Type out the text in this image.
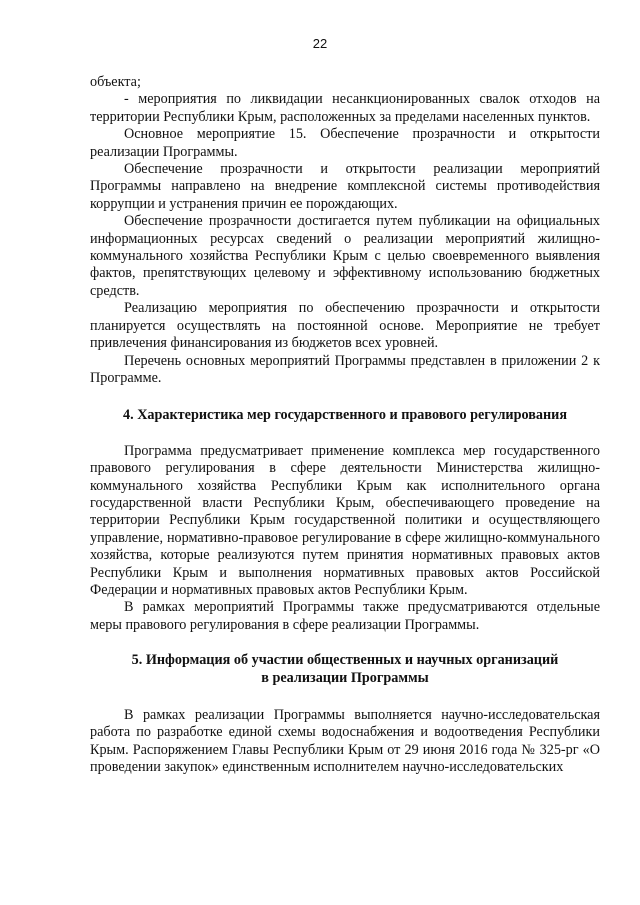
22

объекта;

- мероприятия по ликвидации несанкционированных свалок отходов на территории Республики Крым, расположенных за пределами населенных пунктов.

Основное мероприятие 15. Обеспечение прозрачности и открытости реализации Программы.

Обеспечение прозрачности и открытости реализации мероприятий Программы направлено на внедрение комплексной системы противодействия коррупции и устранения причин ее порождающих.

Обеспечение прозрачности достигается путем публикации на официальных информационных ресурсах сведений о реализации мероприятий жилищно-коммунального хозяйства Республики Крым с целью своевременного выявления фактов, препятствующих целевому и эффективному использованию бюджетных средств.

Реализацию мероприятия по обеспечению прозрачности и открытости планируется осуществлять на постоянной основе. Мероприятие не требует привлечения финансирования из бюджетов всех уровней.

Перечень основных мероприятий Программы представлен в приложении 2 к Программе.

4. Характеристика мер государственного и правового регулирования

Программа предусматривает применение комплекса мер государственного правового регулирования в сфере деятельности Министерства жилищно-коммунального хозяйства Республики Крым как исполнительного органа государственной власти Республики Крым, обеспечивающего проведение на территории Республики Крым государственной политики и осуществляющего управление, нормативно-правовое регулирование в сфере жилищно-коммунального хозяйства, которые реализуются путем принятия нормативных правовых актов Республики Крым и выполнения нормативных правовых актов Российской Федерации и нормативных правовых актов Республики Крым.

В рамках мероприятий Программы также предусматриваются отдельные меры правового регулирования в сфере реализации Программы.

5. Информация об участии общественных и научных организаций
в реализации Программы

В рамках реализации Программы выполняется научно-исследовательская работа по разработке единой схемы водоснабжения и водоотведения Республики Крым. Распоряжением Главы Республики Крым от 29 июня 2016 года № 325-рг «О проведении закупок» единственным исполнителем научно-исследовательских
